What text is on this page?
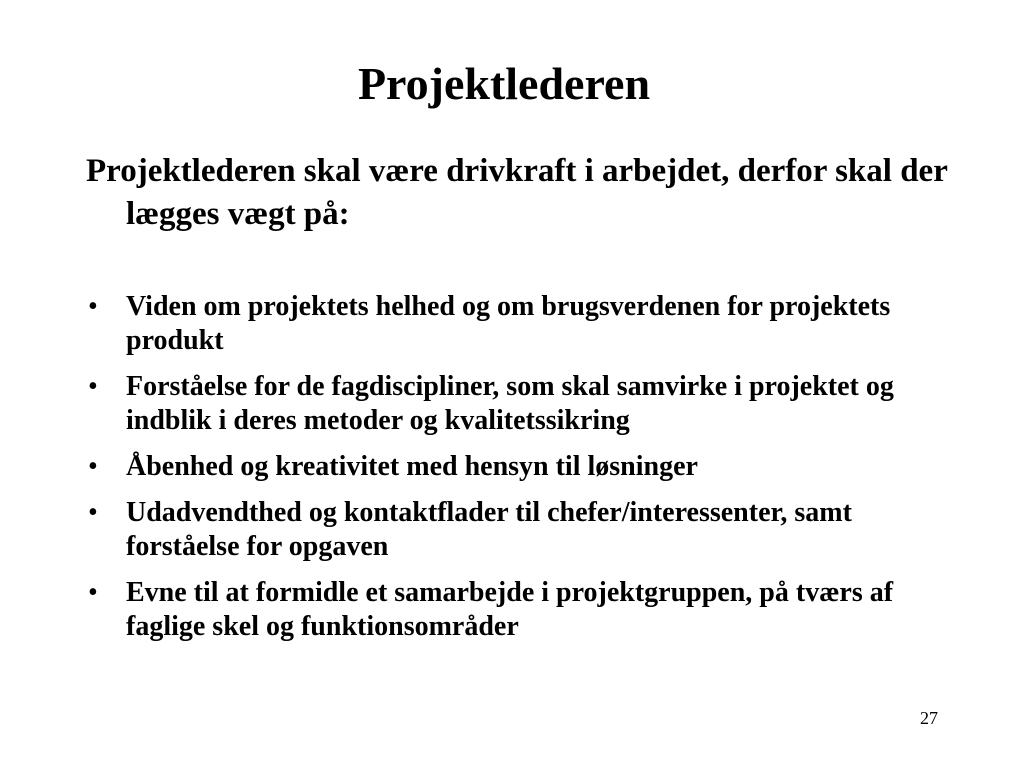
Projektlederen

Projektlederen skal være drivkraft i arbejdet, derfor skal der lægges vægt på:

• Viden om projektets helhed og om brugsverdenen for projektets produkt
• Forståelse for de fagdiscipliner, som skal samvirke i projektet og indblik i deres metoder og kvalitetssikring
• Åbenhed og kreativitet med hensyn til løsninger
• Udadvendthed og kontaktflader til chefer/interessenter, samt forståelse for opgaven
• Evne til at formidle et samarbejde i projektgruppen, på tværs af faglige skel og funktionsområder
27
